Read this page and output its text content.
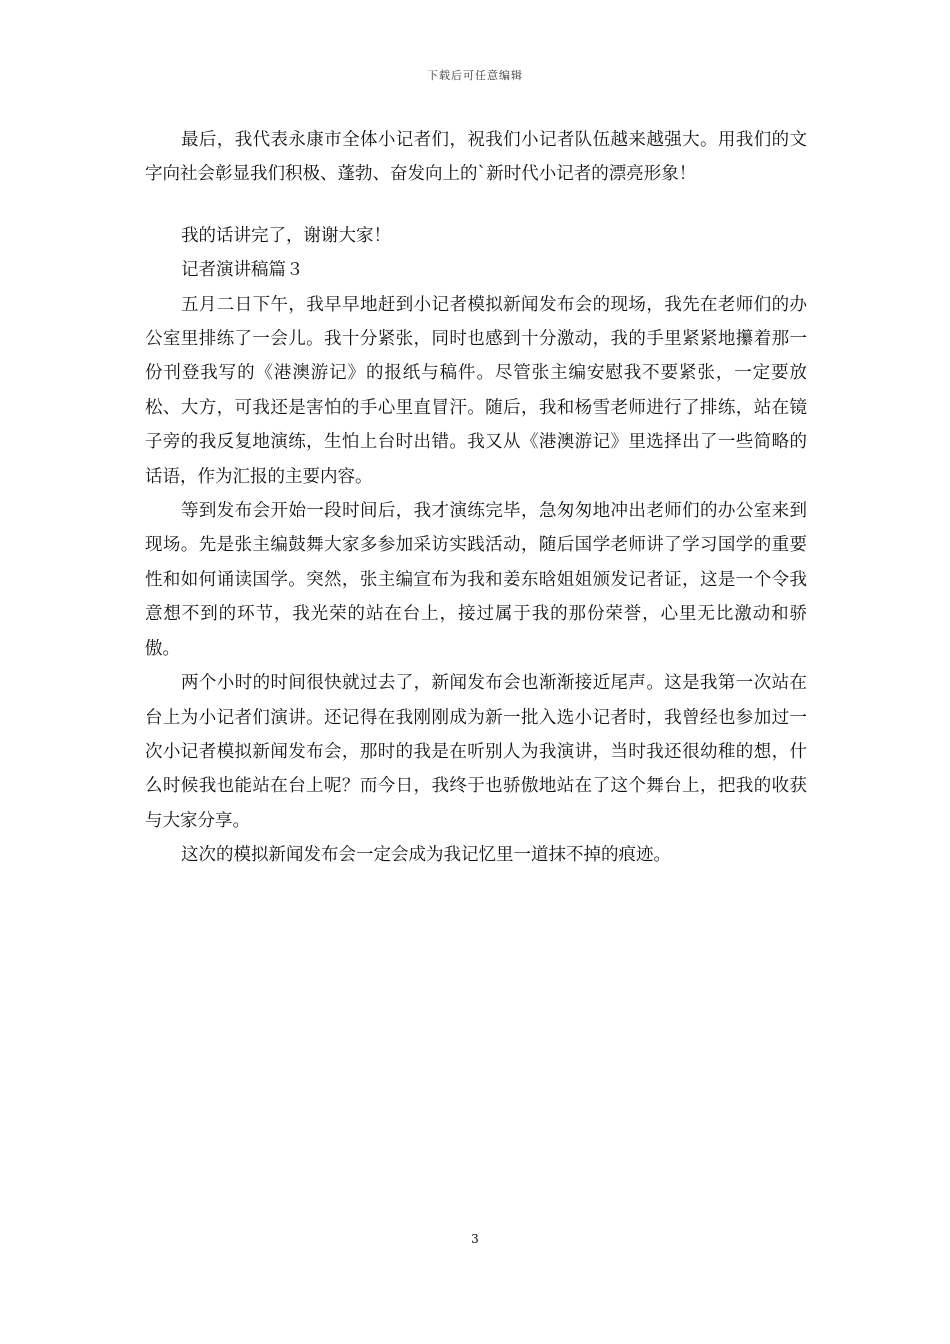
下载后可任意编辑

最后，我代表永康市全体小记者们，祝我们小记者队伍越来越强大。用我们的文字向社会彰显我们积极、蓬勃、奋发向上的`新时代小记者的漂亮形象！

我的话讲完了，谢谢大家！

记者演讲稿篇３

五月二日下午，我早早地赶到小记者模拟新闻发布会的现场，我先在老师们的办公室里排练了一会儿。我十分紧张，同时也感到十分激动，我的手里紧紧地攥着那一份刊登我写的《港澳游记》的报纸与稿件。尽管张主编安慰我不要紧张，一定要放松、大方，可我还是害怕的手心里直冒汗。随后，我和杨雪老师进行了排练，站在镜子旁的我反复地演练，生怕上台时出错。我又从《港澳游记》里选择出了一些简略的话语，作为汇报的主要内容。

等到发布会开始一段时间后，我才演练完毕，急匆匆地冲出老师们的办公室来到现场。先是张主编鼓舞大家多参加采访实践活动，随后国学老师讲了学习国学的重要性和如何诵读国学。突然，张主编宣布为我和姜东晗姐姐颁发记者证，这是一个令我意想不到的环节，我光荣的站在台上，接过属于我的那份荣誉，心里无比激动和骄傲。

两个小时的时间很快就过去了，新闻发布会也渐渐接近尾声。这是我第一次站在台上为小记者们演讲。还记得在我刚刚成为新一批入选小记者时，我曾经也参加过一次小记者模拟新闻发布会，那时的我是在听别人为我演讲，当时我还很幼稚的想，什么时候我也能站在台上呢？而今日，我终于也骄傲地站在了这个舞台上，把我的收获与大家分享。

这次的模拟新闻发布会一定会成为我记忆里一道抹不掉的痕迹。

3
